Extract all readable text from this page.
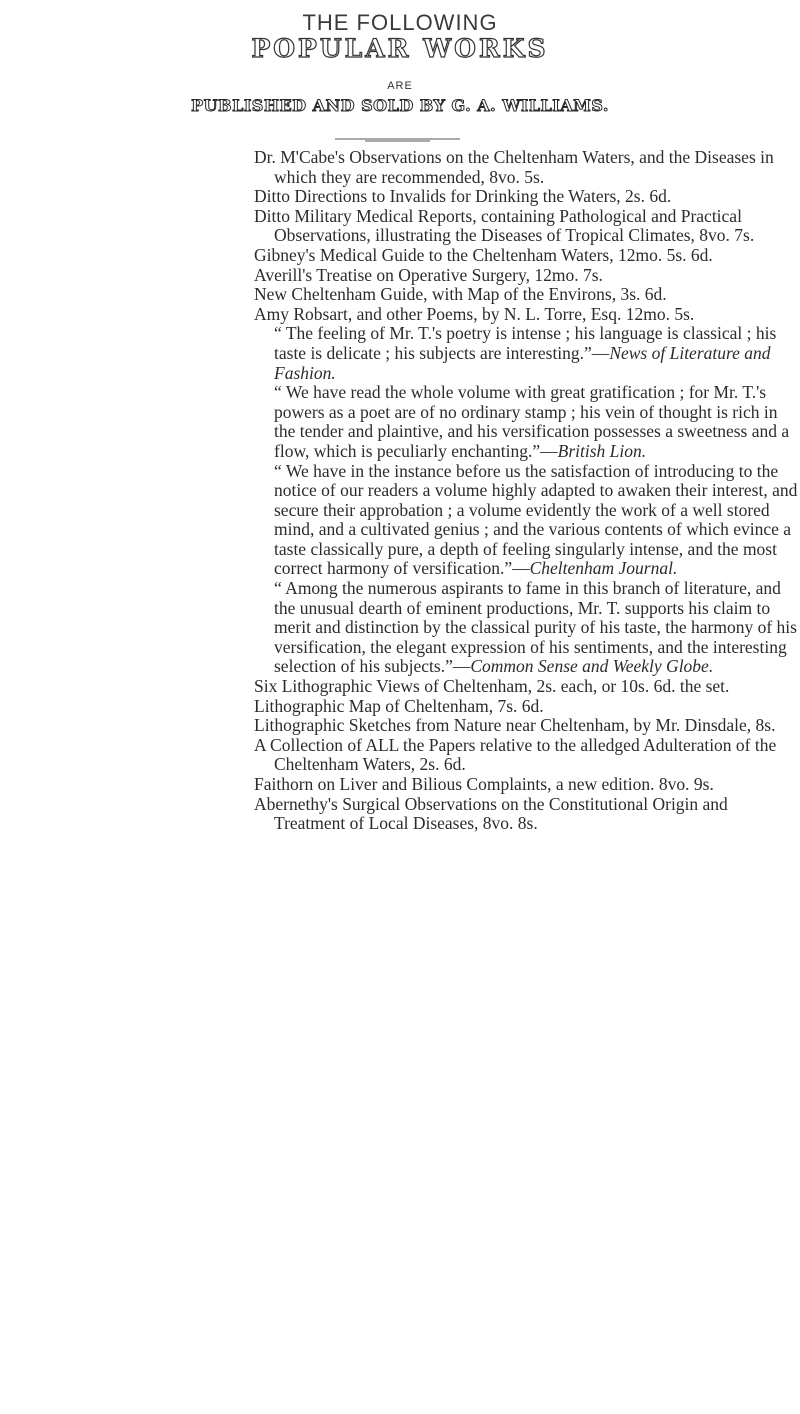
THE FOLLOWING
POPULAR WORKS
ARE
PUBLISHED AND SOLD BY G. A. WILLIAMS.

Dr. M'Cabe's Observations on the Cheltenham Waters, and the Diseases in which they are recommended, 8vo. 5s.

Ditto Directions to Invalids for Drinking the Waters, 2s. 6d.

Ditto Military Medical Reports, containing Pathological and Practical Observations, illustrating the Diseases of Tropical Climates, 8vo. 7s.

Gibney's Medical Guide to the Cheltenham Waters, 12mo. 5s. 6d.

Averill's Treatise on Operative Surgery, 12mo. 7s.

New Cheltenham Guide, with Map of the Environs, 3s. 6d.

Amy Robsart, and other Poems, by N. L. Torre, Esq. 12mo. 5s.

“ The feeling of Mr. T.'s poetry is intense ; his language is classical ; his taste is delicate ; his subjects are interesting.”—News of Literature and Fashion.

“ We have read the whole volume with great gratification ; for Mr. T.'s powers as a poet are of no ordinary stamp ; his vein of thought is rich in the tender and plaintive, and his versification possesses a sweetness and a flow, which is peculiarly enchanting.”—British Lion.

“ We have in the instance before us the satisfaction of introducing to the notice of our readers a volume highly adapted to awaken their interest, and secure their approbation ; a volume evidently the work of a well stored mind, and a cultivated genius ; and the various contents of which evince a taste classically pure, a depth of feeling singularly intense, and the most correct harmony of versification.”—Cheltenham Journal.

“ Among the numerous aspirants to fame in this branch of literature, and the unusual dearth of eminent productions, Mr. T. supports his claim to merit and distinction by the classical purity of his taste, the harmony of his versification, the elegant expression of his sentiments, and the interesting selection of his subjects.”—Common Sense and Weekly Globe.

Six Lithographic Views of Cheltenham, 2s. each, or 10s. 6d. the set.

Lithographic Map of Cheltenham, 7s. 6d.

Lithographic Sketches from Nature near Cheltenham, by Mr. Dinsdale, 8s.

A Collection of ALL the Papers relative to the alledged Adulteration of the Cheltenham Waters, 2s. 6d.

Faithorn on Liver and Bilious Complaints, a new edition. 8vo. 9s.

Abernethy's Surgical Observations on the Constitutional Origin and Treatment of Local Diseases, 8vo. 8s.
